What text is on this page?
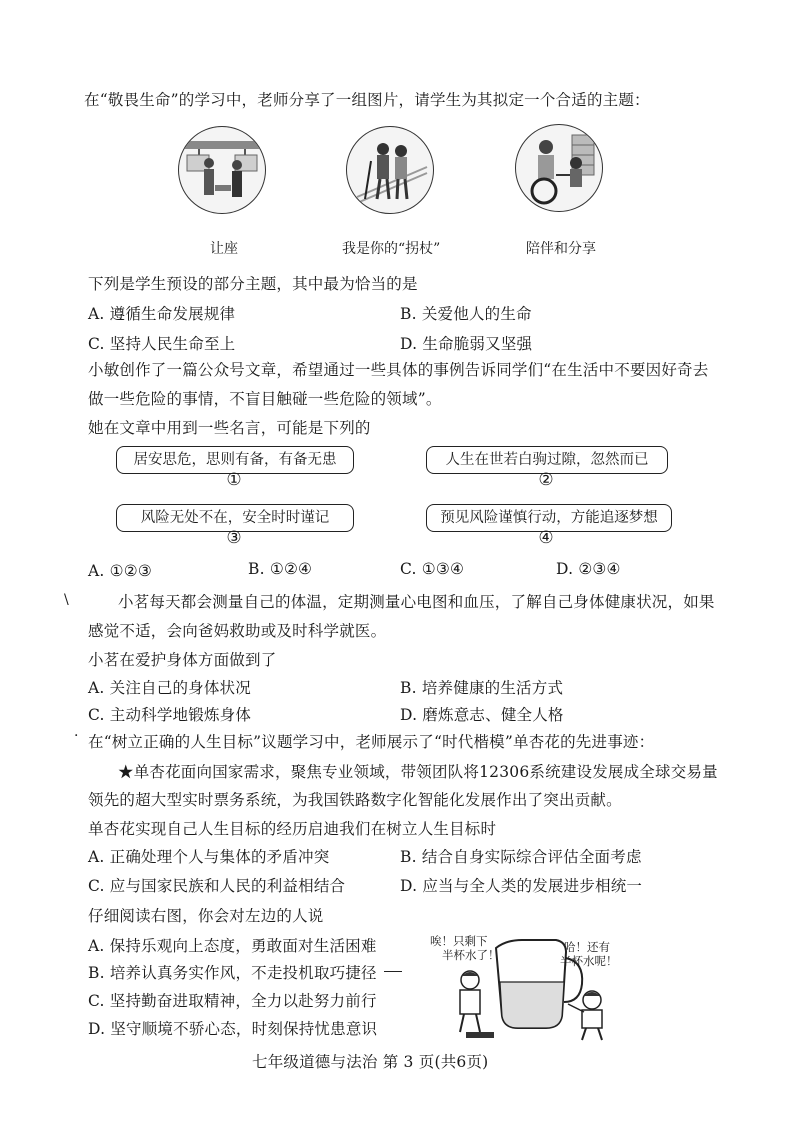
在“敬畏生命”的学习中，老师分享了一组图片，请学生为其拟定一个合适的主题：
让座	我是你的“拐杖”	陪伴和分享
下列是学生预设的部分主题，其中最为恰当的是
A. 遵循生命发展规律	B. 关爱他人的生命
C. 坚持人民生命至上	D. 生命脆弱又坚强
小敏创作了一篇公众号文章，希望通过一些具体的事例告诉同学们“在生活中不要因好奇去
做一些危险的事情，不盲目触碰一些危险的领域”。
她在文章中用到一些名言，可能是下列的
居安思危，思则有备，有备无患	人生在世若白驹过隙，忽然而已
①	②
风险无处不在，安全时时谨记	预见风险谨慎行动，方能追逐梦想
③	④
A. ①②③	B. ①②④	C. ①③④	D. ②③④
\	小茗每天都会测量自己的体温，定期测量心电图和血压，了解自己身体健康状况，如果
感觉不适，会向爸妈救助或及时科学就医。
小茗在爱护身体方面做到了
A. 关注自己的身体状况	B. 培养健康的生活方式
C. 主动科学地锻炼身体	D. 磨炼意志、健全人格
· 在“树立正确的人生目标”议题学习中，老师展示了“时代楷模”单杏花的先进事迹：
★单杏花面向国家需求，聚焦专业领域，带领团队将12306系统建设发展成全球交易量
领先的超大型实时票务系统，为我国铁路数字化智能化发展作出了突出贡献。
单杏花实现自己人生目标的经历启迪我们在树立人生目标时
A. 正确处理个人与集体的矛盾冲突	B. 结合自身实际综合评估全面考虑
C. 应与国家民族和人民的利益相结合	D. 应当与全人类的发展进步相统一
仔细阅读右图，你会对左边的人说
A. 保持乐观向上态度，勇敢面对生活困难
B. 培养认真务实作风，不走投机取巧捷径
C. 坚持勤奋进取精神，全力以赴努力前行
D. 坚守顺境不骄心态，时刻保持忧患意识
唉！只剩下
半杯水了！
哈！还有
半杯水呢！
七年级道德与法治 第 3 页(共6页)
